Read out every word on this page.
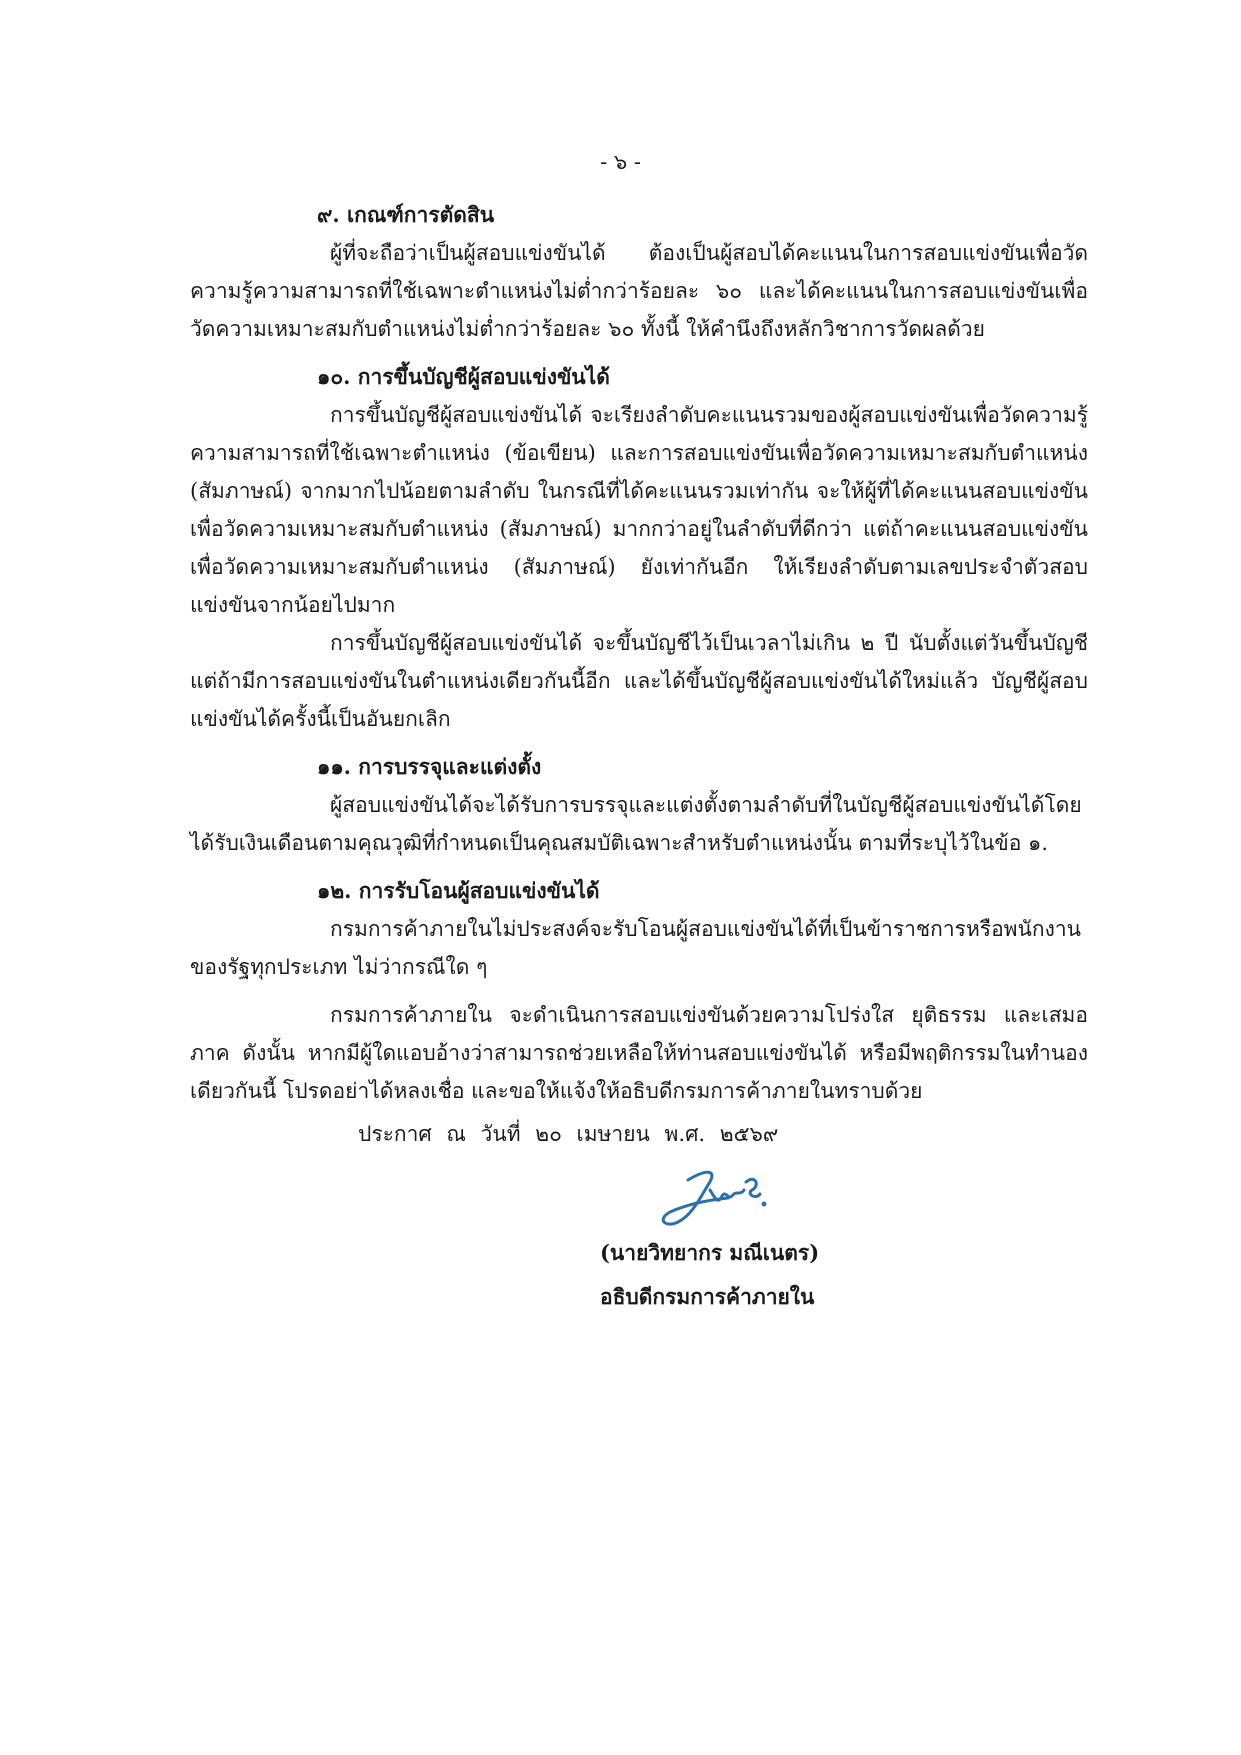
- ๖ -
๙. เกณฑ์การตัดสิน

ผู้ที่จะถือว่าเป็นผู้สอบแข่งขันได้ ต้องเป็นผู้สอบได้คะแนนในการสอบแข่งขันเพื่อวัดความรู้ความสามารถที่ใช้เฉพาะตำแหน่งไม่ต่ำกว่าร้อยละ ๖๐ และได้คะแนนในการสอบแข่งขันเพื่อวัดความเหมาะสมกับตำแหน่งไม่ต่ำกว่าร้อยละ ๖๐ ทั้งนี้ ให้คำนึงถึงหลักวิชาการวัดผลด้วย

๑๐. การขึ้นบัญชีผู้สอบแข่งขันได้

การขึ้นบัญชีผู้สอบแข่งขันได้ จะเรียงลำดับคะแนนรวมของผู้สอบแข่งขันเพื่อวัดความรู้ความสามารถที่ใช้เฉพาะตำแหน่ง (ข้อเขียน) และการสอบแข่งขันเพื่อวัดความเหมาะสมกับตำแหน่ง (สัมภาษณ์) จากมากไปน้อยตามลำดับ ในกรณีที่ได้คะแนนรวมเท่ากัน จะให้ผู้ที่ได้คะแนนสอบแข่งขันเพื่อวัดความเหมาะสมกับตำแหน่ง (สัมภาษณ์) มากกว่าอยู่ในลำดับที่ดีกว่า แต่ถ้าคะแนนสอบแข่งขันเพื่อวัดความเหมาะสมกับตำแหน่ง (สัมภาษณ์) ยังเท่ากันอีก ให้เรียงลำดับตามเลขประจำตัวสอบแข่งขันจากน้อยไปมาก

การขึ้นบัญชีผู้สอบแข่งขันได้ จะขึ้นบัญชีไว้เป็นเวลาไม่เกิน ๒ ปี นับตั้งแต่วันขึ้นบัญชี แต่ถ้ามีการสอบแข่งขันในตำแหน่งเดียวกันนี้อีก และได้ขึ้นบัญชีผู้สอบแข่งขันได้ใหม่แล้ว บัญชีผู้สอบแข่งขันได้ครั้งนี้เป็นอันยกเลิก

๑๑. การบรรจุและแต่งตั้ง

ผู้สอบแข่งขันได้จะได้รับการบรรจุและแต่งตั้งตามลำดับที่ในบัญชีผู้สอบแข่งขันได้โดยได้รับเงินเดือนตามคุณวุฒิที่กำหนดเป็นคุณสมบัติเฉพาะสำหรับตำแหน่งนั้น ตามที่ระบุไว้ในข้อ ๑.

๑๒. การรับโอนผู้สอบแข่งขันได้

กรมการค้าภายในไม่ประสงค์จะรับโอนผู้สอบแข่งขันได้ที่เป็นข้าราชการหรือพนักงานของรัฐทุกประเภท ไม่ว่ากรณีใด ๆ

กรมการค้าภายใน จะดำเนินการสอบแข่งขันด้วยความโปร่งใส ยุติธรรม และเสมอภาค ดังนั้น หากมีผู้ใดแอบอ้างว่าสามารถช่วยเหลือให้ท่านสอบแข่งขันได้ หรือมีพฤติกรรมในทำนองเดียวกันนี้ โปรดอย่าได้หลงเชื่อ และขอให้แจ้งให้อธิบดีกรมการค้าภายในทราบด้วย

ประกาศ ณ วันที่ ๒๐ เมษายน พ.ศ. ๒๕๖๙
(นายวิทยากร มณีเนตร)
อธิบดีกรมการค้าภายใน
